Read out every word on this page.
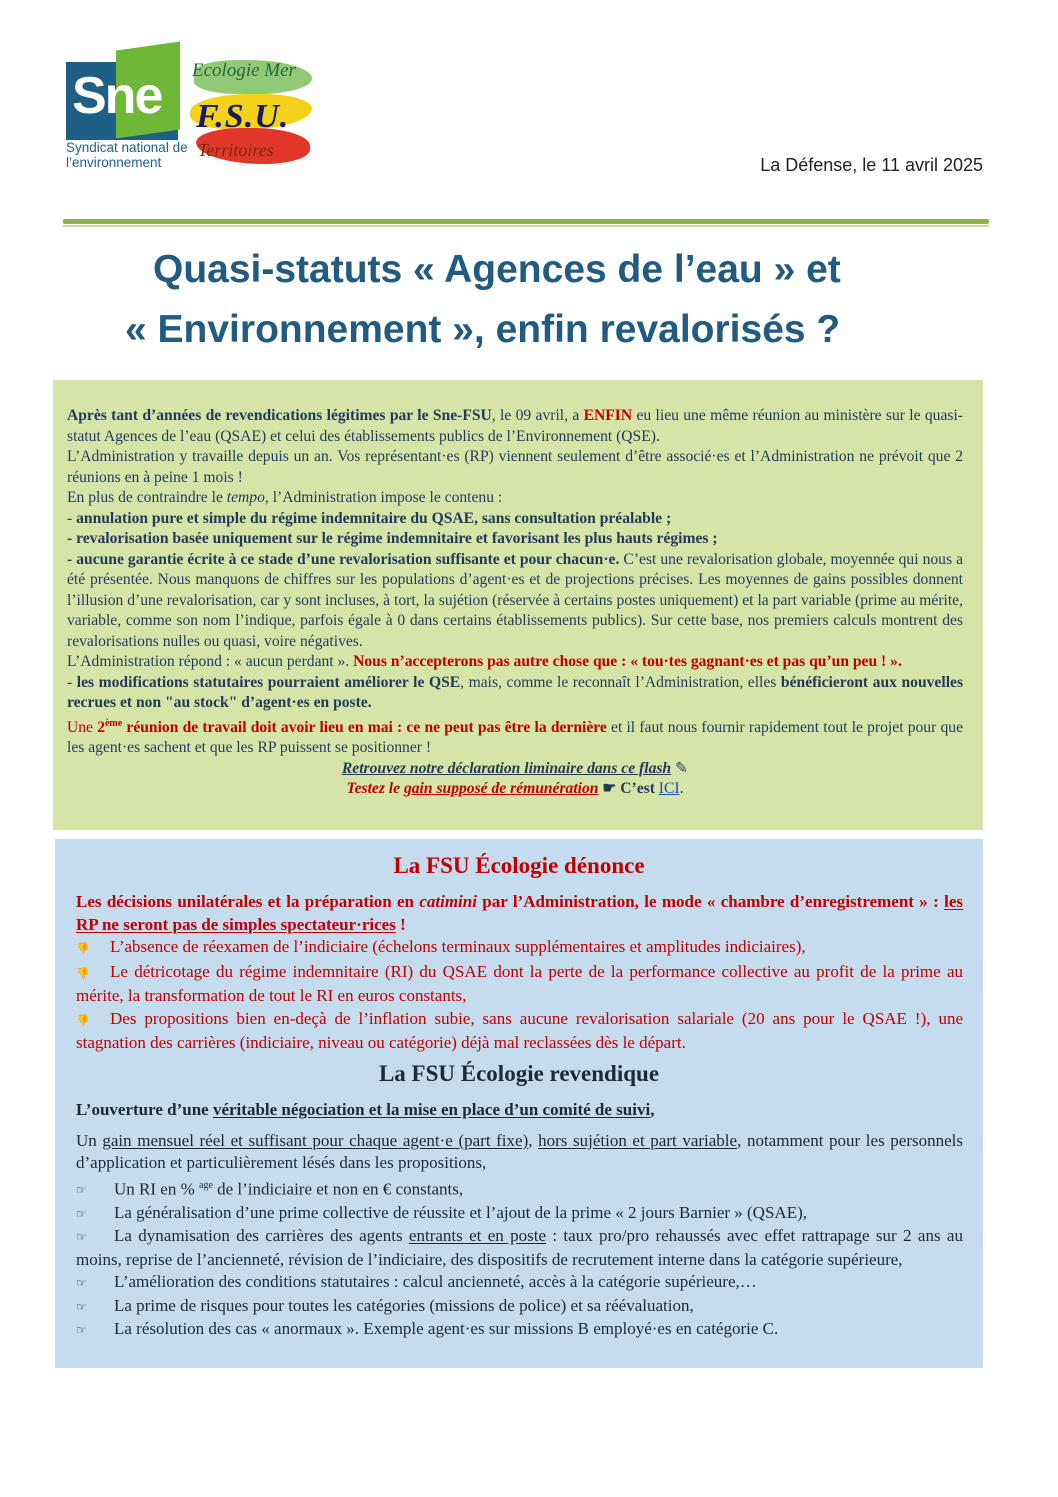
Sne
Syndicat national de
l’environnement
Ecologie Mer
F.S.U.
Territoires
La Défense, le 11 avril 2025
Quasi-statuts « Agences de l’eau » et
« Environnement », enfin revalorisés ?
Après tant d’années de revendications légitimes par le Sne-FSU, le 09 avril, a ENFIN eu lieu une même réunion au ministère sur le quasi-statut Agences de l’eau (QSAE) et celui des établissements publics de l’Environnement (QSE).
L’Administration y travaille depuis un an. Vos représentant·es (RP) viennent seulement d’être associé·es et l’Administration ne prévoit que 2 réunions en à peine 1 mois !
En plus de contraindre le tempo, l’Administration impose le contenu :
- annulation pure et simple du régime indemnitaire du QSAE, sans consultation préalable ;
- revalorisation basée uniquement sur le régime indemnitaire et favorisant les plus hauts régimes ;
- aucune garantie écrite à ce stade d’une revalorisation suffisante et pour chacun·e. C’est une revalorisation globale, moyennée qui nous a été présentée. Nous manquons de chiffres sur les populations d’agent·es et de projections précises. Les moyennes de gains possibles donnent l’illusion d’une revalorisation, car y sont incluses, à tort, la sujétion (réservée à certains postes uniquement) et la part variable (prime au mérite, variable, comme son nom l’indique, parfois égale à 0 dans certains établissements publics). Sur cette base, nos premiers calculs montrent des revalorisations nulles ou quasi, voire négatives.
L’Administration répond : « aucun perdant ». Nous n’accepterons pas autre chose que : « tou·tes gagnant·es et pas qu’un peu ! ».
- les modifications statutaires pourraient améliorer le QSE, mais, comme le reconnaît l’Administration, elles bénéficieront aux nouvelles recrues et non "au stock" d’agent·es en poste.
Une 2ème réunion de travail doit avoir lieu en mai : ce ne peut pas être la dernière et il faut nous fournir rapidement tout le projet pour que les agent·es sachent et que les RP puissent se positionner !
Retrouvez notre déclaration liminaire dans ce flash ✎
Testez le gain supposé de rémunération ☛ C’est ICI.
La FSU Écologie dénonce

Les décisions unilatérales et la préparation en catimini par l’Administration, le mode « chambre d’enregistrement » : les RP ne seront pas de simples spectateur·rices !

👎 L’absence de réexamen de l’indiciaire (échelons terminaux supplémentaires et amplitudes indiciaires),

👎 Le détricotage du régime indemnitaire (RI) du QSAE dont la perte de la performance collective au profit de la prime au mérite, la transformation de tout le RI en euros constants,

👎 Des propositions bien en-deçà de l’inflation subie, sans aucune revalorisation salariale (20 ans pour le QSAE !), une stagnation des carrières (indiciaire, niveau ou catégorie) déjà mal reclassées dès le départ.

La FSU Écologie revendique

L’ouverture d’une véritable négociation et la mise en place d’un comité de suivi,

Un gain mensuel réel et suffisant pour chaque agent·e (part fixe), hors sujétion et part variable, notamment pour les personnels d’application et particulièrement lésés dans les propositions,

☞ Un RI en % $^{age}$ de l’indiciaire et non en € constants,

☞ La généralisation d’une prime collective de réussite et l’ajout de la prime « 2 jours Barnier » (QSAE),

☞ La dynamisation des carrières des agents entrants et en poste : taux pro/pro rehaussés avec effet rattrapage sur 2 ans au moins, reprise de l’ancienneté, révision de l’indiciaire, des dispositifs de recrutement interne dans la catégorie supérieure,

☞ L’amélioration des conditions statutaires : calcul ancienneté, accès à la catégorie supérieure,…

☞ La prime de risques pour toutes les catégories (missions de police) et sa réévaluation,

☞ La résolution des cas « anormaux ». Exemple agent·es sur missions B employé·es en catégorie C.
